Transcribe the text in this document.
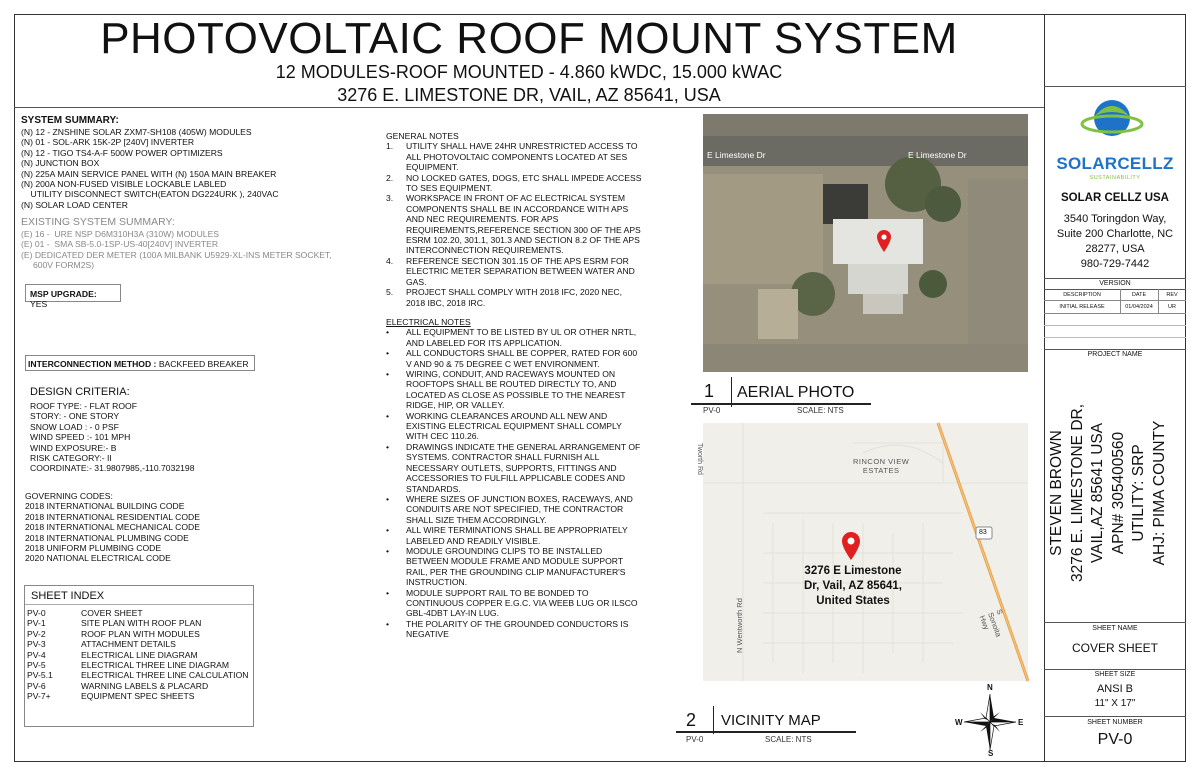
PHOTOVOLTAIC ROOF MOUNT SYSTEM
12 MODULES-ROOF MOUNTED - 4.860 kWDC, 15.000 kWAC
3276 E. LIMESTONE DR, VAIL, AZ 85641, USA
SYSTEM SUMMARY:
(N) 12 - ZNSHINE SOLAR ZXM7-SH108 (405W) MODULES
(N) 01 - SOL-ARK 15K-2P [240V] INVERTER
(N) 12 - TIGO TS4-A-F 500W POWER OPTIMIZERS
(N) JUNCTION BOX
(N) 225A MAIN SERVICE PANEL WITH (N) 150A MAIN BREAKER
(N) 200A NON-FUSED VISIBLE LOCKABLE LABLED
UTILITY DISCONNECT SWITCH(EATON DG224URK ), 240VAC
(N) SOLAR LOAD CENTER
EXISTING SYSTEM SUMMARY:
(E) 16 -  URE NSP D6M310H3A (310W) MODULES
(E) 01 -  SMA SB-5.0-1SP-US-40[240V] INVERTER
(E) DEDICATED DER METER (100A MILBANK U5929-XL-INS METER SOCKET,
600V FORM2S)
MSP UPGRADE: YES
INTERCONNECTION METHOD : BACKFEED BREAKER
DESIGN CRITERIA:
ROOF TYPE: - FLAT ROOF
STORY: - ONE STORY
SNOW LOAD : - 0 PSF
WIND SPEED :- 101 MPH
WIND EXPOSURE:- B
RISK CATEGORY:- II
COORDINATE:- 31.9807985,-110.7032198
GOVERNING CODES:
2018 INTERNATIONAL BUILDING CODE
2018 INTERNATIONAL RESIDENTIAL CODE
2018 INTERNATIONAL MECHANICAL CODE
2018 INTERNATIONAL PLUMBING CODE
2018 UNIFORM PLUMBING CODE
2020 NATIONAL ELECTRICAL CODE
SHEET INDEX
PV-0	COVER SHEET
PV-1	SITE PLAN WITH ROOF PLAN
PV-2	ROOF PLAN WITH MODULES
PV-3	ATTACHMENT DETAILS
PV-4	ELECTRICAL LINE DIAGRAM
PV-5	ELECTRICAL THREE LINE DIAGRAM
PV-5.1	ELECTRICAL THREE LINE CALCULATION
PV-6	WARNING LABELS & PLACARD
PV-7+	EQUIPMENT SPEC SHEETS
GENERAL NOTES
1. UTILITY SHALL HAVE 24HR UNRESTRICTED ACCESS TO ALL PHOTOVOLTAIC COMPONENTS LOCATED AT SES EQUIPMENT.
2. NO LOCKED GATES, DOGS, ETC SHALL IMPEDE ACCESS TO SES EQUIPMENT.
3. WORKSPACE IN FRONT OF AC ELECTRICAL SYSTEM COMPONENTS SHALL BE IN ACCORDANCE WITH APS AND NEC REQUIREMENTS. FOR APS REQUIREMENTS,REFERENCE SECTION 300 OF THE APS ESRM 102.20, 301.1, 301.3 AND SECTION 8.2 OF THE APS INTERCONNECTION REQUIREMENTS.
4. REFERENCE SECTION 301.15 OF THE APS ESRM FOR ELECTRIC METER SEPARATION BETWEEN WATER AND GAS.
5. PROJECT SHALL COMPLY WITH 2018 IFC, 2020 NEC, 2018 IBC, 2018 IRC.
ELECTRICAL NOTES
• ALL EQUIPMENT TO BE LISTED BY UL OR OTHER NRTL, AND LABELED FOR ITS APPLICATION.
• ALL CONDUCTORS SHALL BE COPPER, RATED FOR 600 V AND 90 & 75 DEGREE C WET ENVIRONMENT.
• WIRING, CONDUIT, AND RACEWAYS MOUNTED ON ROOFTOPS SHALL BE ROUTED DIRECTLY TO, AND LOCATED AS CLOSE AS POSSIBLE TO THE NEAREST RIDGE, HIP, OR VALLEY.
• WORKING CLEARANCES AROUND ALL NEW AND EXISTING ELECTRICAL EQUIPMENT SHALL COMPLY WITH CEC 110.26.
• DRAWINGS INDICATE THE GENERAL ARRANGEMENT OF SYSTEMS. CONTRACTOR SHALL FURNISH ALL NECESSARY OUTLETS, SUPPORTS, FITTINGS AND ACCESSORIES TO FULFILL APPLICABLE CODES AND STANDARDS.
• WHERE SIZES OF JUNCTION BOXES, RACEWAYS, AND CONDUITS ARE NOT SPECIFIED, THE CONTRACTOR SHALL SIZE THEM ACCORDINGLY.
• ALL WIRE TERMINATIONS SHALL BE APPROPRIATELY LABELED AND READILY VISIBLE.
• MODULE GROUNDING CLIPS TO BE INSTALLED BETWEEN MODULE FRAME AND MODULE SUPPORT RAIL, PER THE GROUNDING CLIP MANUFACTURER'S INSTRUCTION.
• MODULE SUPPORT RAIL TO BE BONDED TO CONTINUOUS COPPER E.G.C. VIA WEEB LUG OR ILSCO GBL-4DBT LAY-IN LUG.
• THE POLARITY OF THE GROUNDED CONDUCTORS IS NEGATIVE
E Limestone Dr	E Limestone Dr
1 AERIAL PHOTO
PV-0	SCALE: NTS
83
Tworth Rd	RINCON VIEW
ESTATES
3276 E Limestone
Dr, Vail, AZ 85641,
United States
N Wentworth Rd	S Sonoita Hwy
2 VICINITY MAP
PV-0	SCALE: NTS
N
S
E
W
SOLARCELLZ
SUSTAINABILITY
SOLAR CELLZ USA
3540 Toringdon Way,
Suite 200 Charlotte, NC
28277, USA
980-729-7442
VERSION
DESCRIPTION	DATE	REV
INITIAL RELEASE	01/04/2024	UR
PROJECT NAME
STEVEN BROWN 3276 E. LIMESTONE DR, VAIL,AZ 85641 USA APN# 305400560 UTILITY: SRP AHJ: PIMA COUNTY
SHEET NAME
COVER SHEET
SHEET SIZE
ANSI B
11" X 17"
SHEET NUMBER
PV-0
